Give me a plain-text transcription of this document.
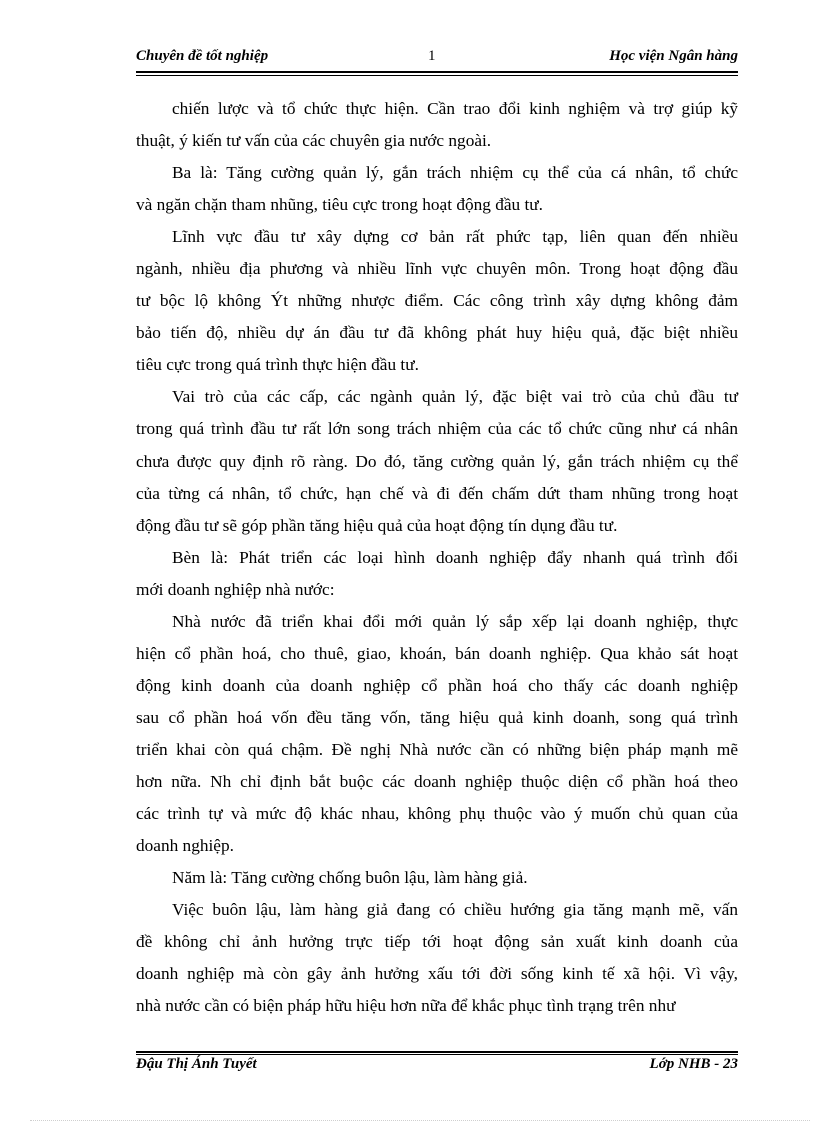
Chuyên đề tốt nghiệp	1	Học viện Ngân hàng
chiến lược và tổ chức thực hiện. Cần trao đổi kinh nghiệm và trợ giúp kỹ
thuật, ý kiến tư vấn của các chuyên gia nước ngoài.
Ba là: Tăng cường quản lý, gắn trách nhiệm cụ thể của cá nhân, tổ chức
và ngăn chặn tham nhũng, tiêu cực trong hoạt động đầu tư.
Lĩnh vực đầu tư xây dựng cơ bản rất phức tạp, liên quan đến nhiều
ngành, nhiều địa phương và nhiều lĩnh vực chuyên môn. Trong hoạt động đầu
tư bộc lộ không Ýt những nhược điểm. Các công trình xây dựng không đảm
bảo tiến độ, nhiều dự án đầu tư đã không phát huy hiệu quả, đặc biệt nhiều
tiêu cực trong quá trình thực hiện đầu tư.
Vai trò của các cấp, các ngành quản lý, đặc biệt vai trò của chủ đầu tư
trong quá trình đầu tư rất lớn song trách nhiệm của các tổ chức cũng như cá nhân
chưa được quy định rõ ràng. Do đó, tăng cường quản lý, gắn trách nhiệm cụ thể
của từng cá nhân, tổ chức, hạn chế và đi đến chấm dứt tham nhũng trong hoạt
động đầu tư sẽ góp phần tăng hiệu quả của hoạt động tín dụng đầu tư.
Bèn là: Phát triển các loại hình doanh nghiệp đẩy nhanh quá trình đổi
mới doanh nghiệp nhà nước:
Nhà nước đã triển khai đổi mới quản lý sắp xếp lại doanh nghiệp, thực
hiện cổ phần hoá, cho thuê, giao, khoán, bán doanh nghiệp. Qua khảo sát hoạt
động kinh doanh của doanh nghiệp cổ phần hoá cho thấy các doanh nghiệp
sau cổ phần hoá vốn đều tăng vốn, tăng hiệu quả kinh doanh, song quá trình
triển khai còn quá chậm. Đề nghị Nhà nước cần có những biện pháp mạnh mẽ
hơn nữa. Nh chỉ định bắt buộc các doanh nghiệp thuộc diện cổ phần hoá theo
các trình tự và mức độ khác nhau, không phụ thuộc vào ý muốn chủ quan của
doanh nghiệp.
Năm là: Tăng cường chống buôn lậu, làm hàng giả.
Việc buôn lậu, làm hàng giả đang có chiều hướng gia tăng mạnh mẽ, vấn
đề không chỉ ảnh hưởng trực tiếp tới hoạt động sản xuất kinh doanh của
doanh nghiệp mà còn gây ảnh hưởng xấu tới đời sống kinh tế xã hội. Vì vậy,
nhà nước cần có biện pháp hữu hiệu hơn nữa để khắc phục tình trạng trên như
Đậu Thị Ánh Tuyết	Lớp NHB - 23
